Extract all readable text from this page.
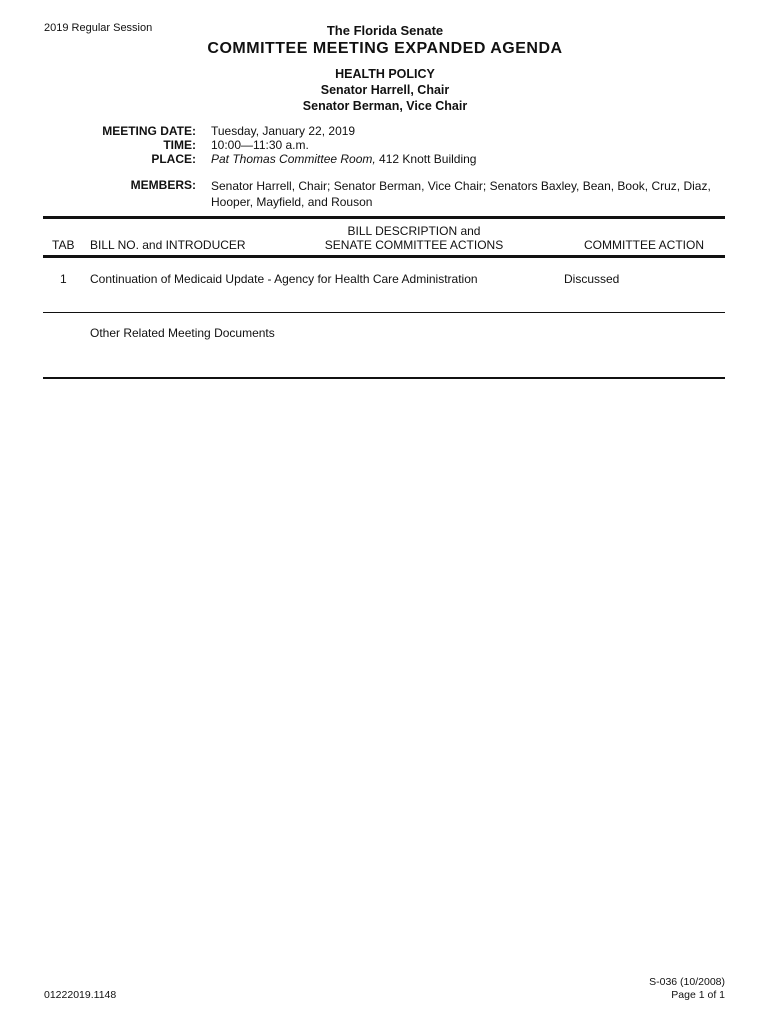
2019 Regular Session	The Florida Senate
COMMITTEE MEETING EXPANDED AGENDA
HEALTH POLICY
Senator Harrell, Chair
Senator Berman, Vice Chair
MEETING DATE: Tuesday, January 22, 2019
TIME: 10:00—11:30 a.m.
PLACE: Pat Thomas Committee Room, 412 Knott Building
MEMBERS: Senator Harrell, Chair; Senator Berman, Vice Chair; Senators Baxley, Bean, Book, Cruz, Diaz,
Hooper, Mayfield, and Rouson
TAB BILL NO. and INTRODUCER
BILL DESCRIPTION and
SENATE COMMITTEE ACTIONS	COMMITTEE ACTION
1 Continuation of Medicaid Update - Agency for Health Care Administration	Discussed
Other Related Meeting Documents
01222019.1148
S-036 (10/2008)
Page 1 of 1
